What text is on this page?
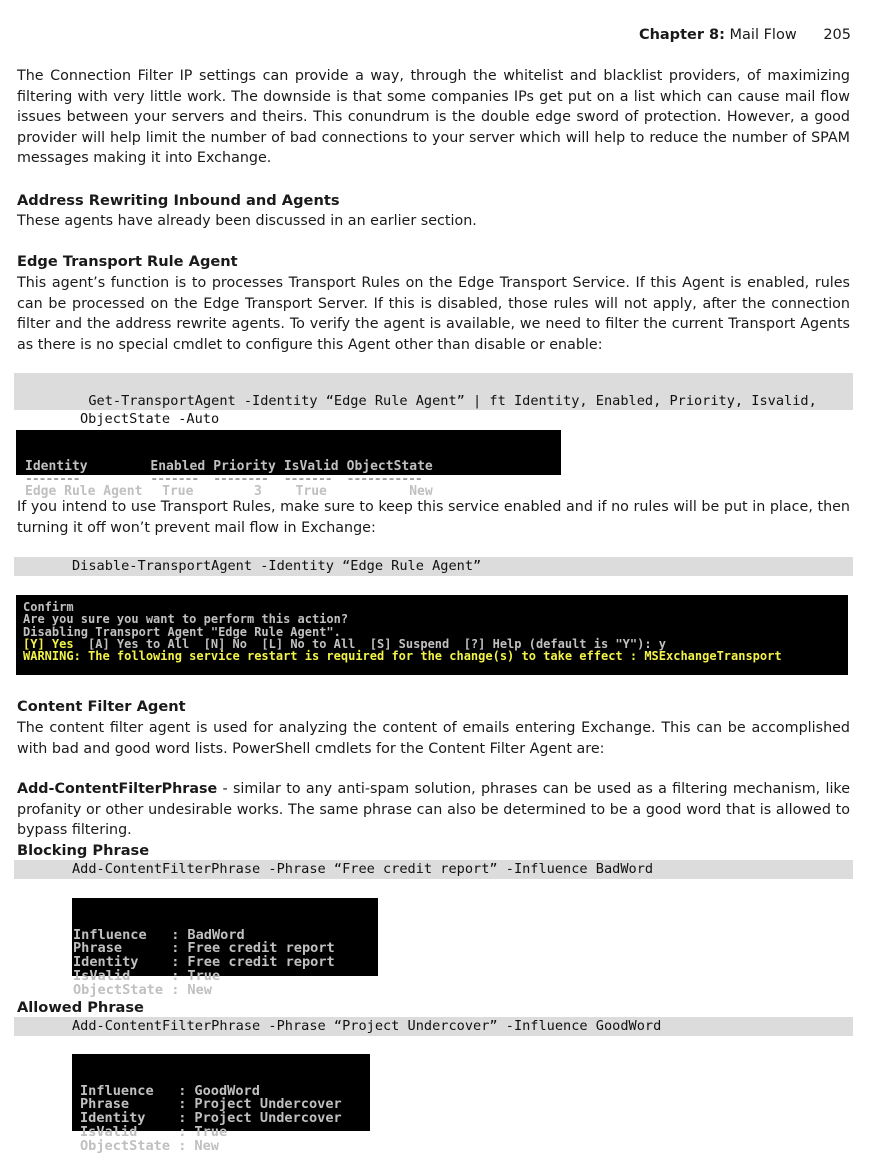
Chapter 8: Mail Flow 205

The Connection Filter IP settings can provide a way, through the whitelist and blacklist providers, of maximizing filtering with very little work. The downside is that some companies IPs get put on a list which can cause mail flow issues between your servers and theirs. This conundrum is the double edge sword of protection. However, a good provider will help limit the number of bad connections to your server which will help to reduce the number of SPAM messages making it into Exchange.

Address Rewriting Inbound and Agents

These agents have already been discussed in an earlier section.

Edge Transport Rule Agent

This agent’s function is to processes Transport Rules on the Edge Transport Service. If this Agent is enabled, rules can be processed on the Edge Transport Server. If this is disabled, those rules will not apply, after the connection filter and the address rewrite agents. To verify the agent is available, we need to filter the current Transport Agents as there is no special cmdlet to configure this Agent other than disable or enable:

Get-TransportAgent -Identity “Edge Rule Agent” | ft Identity, Enabled, Priority, Isvalid,
ObjectState -Auto

Identity	Enabled	Priority	IsValid	ObjectState
--------	-------	--------	-------	-----------
Edge Rule Agent	True	3	True	New

If you intend to use Transport Rules, make sure to keep this service enabled and if no rules will be put in place, then turning it off won’t prevent mail flow in Exchange:

Disable-TransportAgent -Identity “Edge Rule Agent”
Confirm
Are you sure you want to perform this action?
Disabling Transport Agent "Edge Rule Agent".
[Y] Yes  [A] Yes to All  [N] No  [L] No to All  [S] Suspend  [?] Help (default is "Y"): y
WARNING: The following service restart is required for the change(s) to take effect : MSExchangeTransport
Content Filter Agent

The content filter agent is used for analyzing the content of emails entering Exchange. This can be accomplished with bad and good word lists. PowerShell cmdlets for the Content Filter Agent are:

Add-ContentFilterPhrase - similar to any anti-spam solution, phrases can be used as a filtering mechanism, like profanity or other undesirable works. The same phrase can also be determined to be a good word that is allowed to bypass filtering.

Blocking Phrase
Add-ContentFilterPhrase -Phrase “Free credit report” -Influence BadWord

Influence   :	BadWord
Phrase      :	Free credit report
Identity    :	Free credit report
IsValid     :	True
ObjectState :	New

Allowed Phrase
Add-ContentFilterPhrase -Phrase “Project Undercover” -Influence GoodWord

Influence   :	GoodWord
Phrase      :	Project Undercover
Identity    :	Project Undercover
IsValid     :	True
ObjectState :	New
